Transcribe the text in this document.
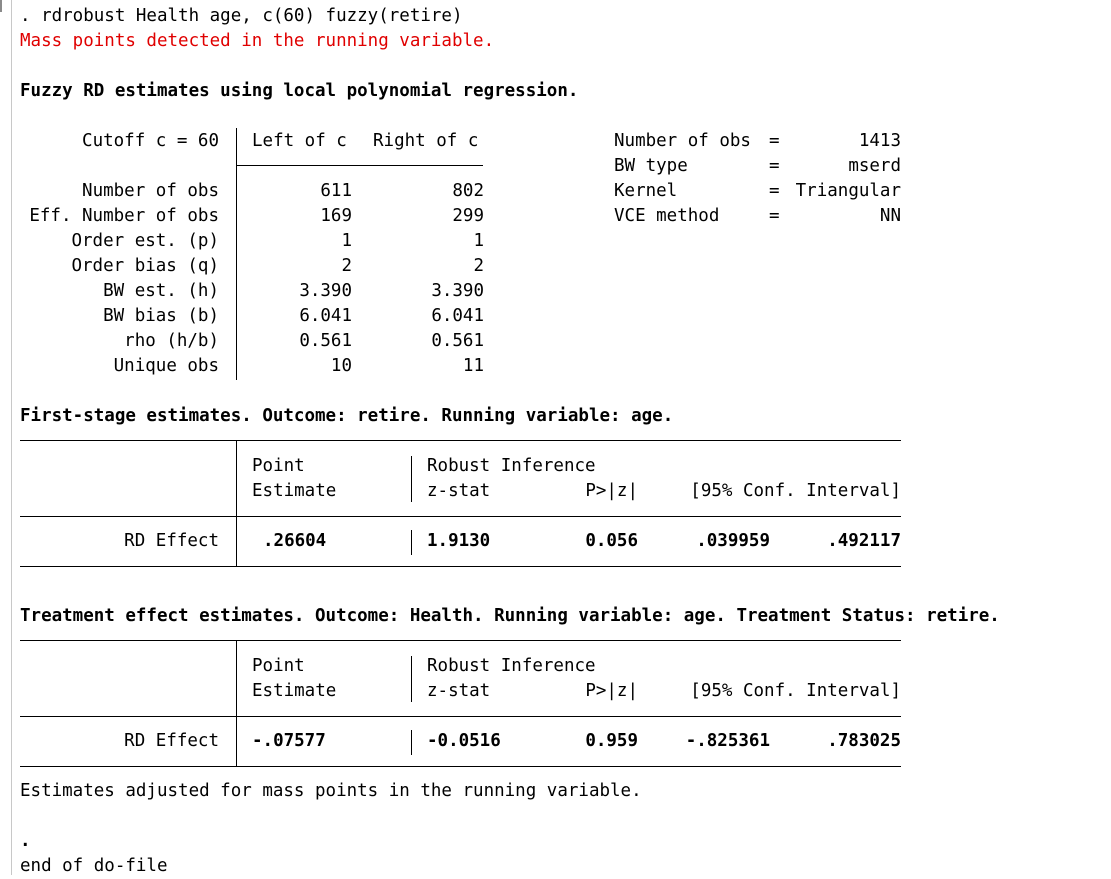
. rdrobust Health age, c(60) fuzzy(retire)
Mass points detected in the running variable.
Fuzzy RD estimates using local polynomial regression.
Cutoff c = 60 Left of c Right of c
Number of obs	611	802
Eff. Number of obs	169	299
Order est. (p)	1	1
Order bias (q)	2	2
BW est. (h)	3.390	3.390
BW bias (b)	6.041	6.041
rho (h/b)	0.561	0.561
Unique obs	10	11
Number of obs =	1413
BW type	=	mserd
Kernel	= Triangular
VCE method	=	NN
First-stage estimates. Outcome: retire. Running variable: age.
Point
Estimate
Robust Inference
z-stat	P>|z|	[95% Conf. Interval]
RD Effect	.26604	1.9130	0.056	.039959	.492117
Treatment effect estimates. Outcome: Health. Running variable: age. Treatment Status: retire.
Point
Estimate
Robust Inference
z-stat	P>|z|	[95% Conf. Interval]
RD Effect -.07577	-0.0516	0.959	-.825361	.783025
Estimates adjusted for mass points in the running variable.
.
end of do-file
